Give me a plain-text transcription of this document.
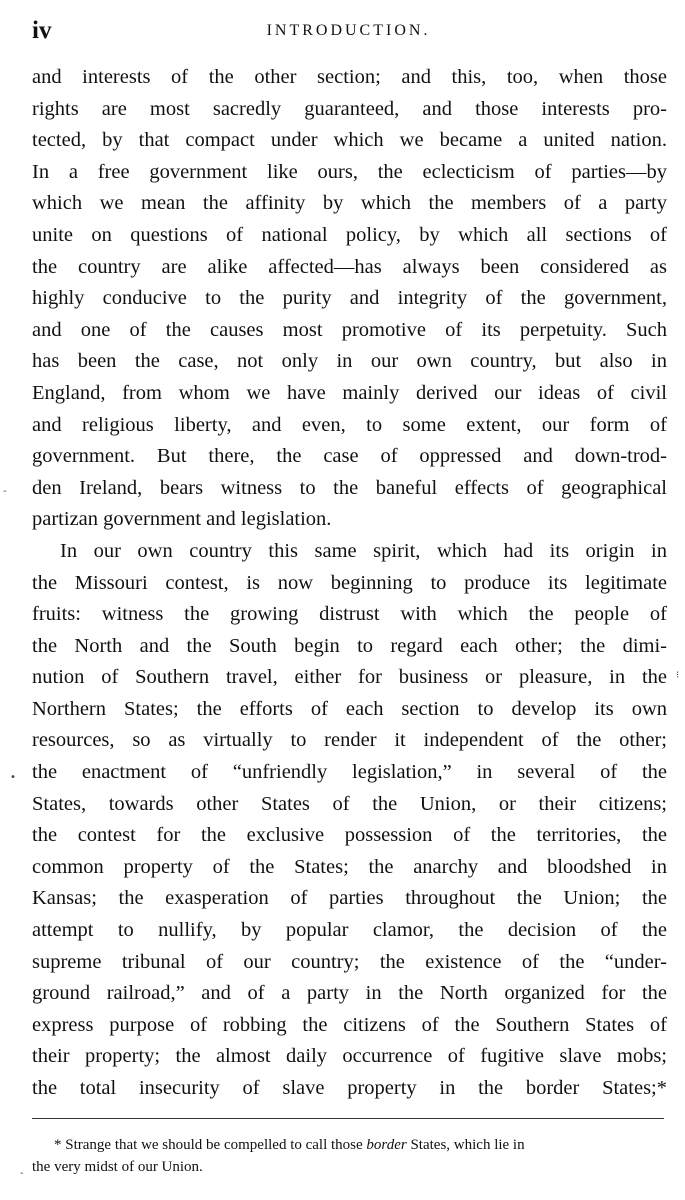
iv	INTRODUCTION.
and interests of the other section; and this, too, when those
rights are most sacredly guaranteed, and those interests pro-
tected, by that compact under which we became a united nation.
In a free government like ours, the eclecticism of parties—by
which we mean the affinity by which the members of a party
unite on questions of national policy, by which all sections of
the country are alike affected—has always been considered as
highly conducive to the purity and integrity of the government,
and one of the causes most promotive of its perpetuity. Such
has been the case, not only in our own country, but also in
England, from whom we have mainly derived our ideas of civil
and religious liberty, and even, to some extent, our form of
government. But there, the case of oppressed and down-trod-
den Ireland, bears witness to the baneful effects of geographical
partizan government and legislation.
In our own country this same spirit, which had its origin in
the Missouri contest, is now beginning to produce its legitimate
fruits: witness the growing distrust with which the people of
the North and the South begin to regard each other; the dimi-
nution of Southern travel, either for business or pleasure, in the
Northern States; the efforts of each section to develop its own
resources, so as virtually to render it independent of the other;
the enactment of “unfriendly legislation,” in several of the
States, towards other States of the Union, or their citizens;
the contest for the exclusive possession of the territories, the
common property of the States; the anarchy and bloodshed in
Kansas; the exasperation of parties throughout the Union; the
attempt to nullify, by popular clamor, the decision of the
supreme tribunal of our country; the existence of the “under-
ground railroad,” and of a party in the North organized for the
express purpose of robbing the citizens of the Southern States of
their property; the almost daily occurrence of fugitive slave mobs;
the total insecurity of slave property in the border States;*
* Strange that we should be compelled to call those border States, which lie in
the very midst of our Union.
-
•
⁝
-
